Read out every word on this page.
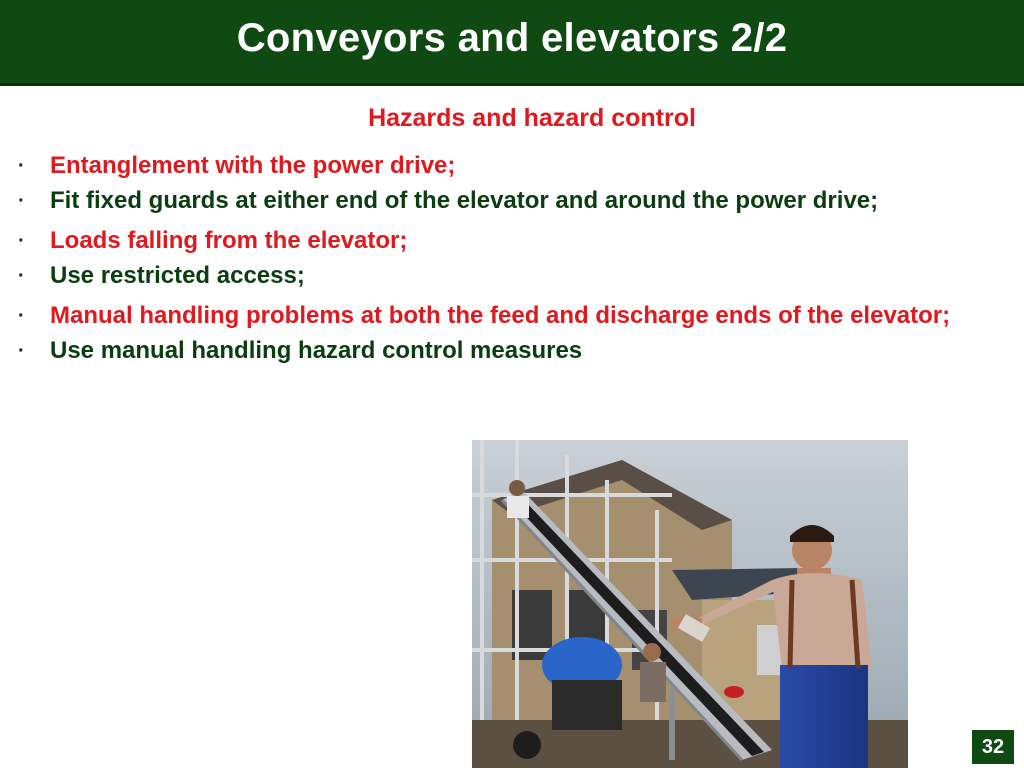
Conveyors and elevators 2/2
Hazards and hazard control
· Entanglement with the power drive;
· Fit fixed guards at either end of the elevator and around the power drive;
· Loads falling from the elevator;
· Use restricted access;
· Manual handling problems at both the feed and discharge ends of the elevator;
· Use manual handling hazard control measures
32
